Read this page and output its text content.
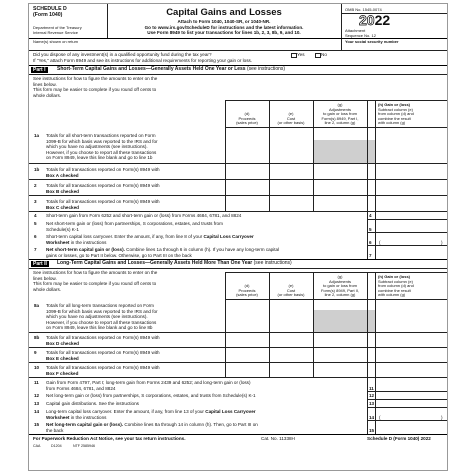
SCHEDULE D
(Form 1040)
Department of the Treasury
Internal Revenue Service
Capital Gains and Losses
Attach to Form 1040, 1040-SR, or 1040-NR.
Go to www.irs.gov/ScheduleD for instructions and the latest information.
Use Form 8949 to list your transactions for lines 1b, 2, 3, 8b, 9, and 10.
OMB No. 1545-0074
2022
Attachment
Sequence No. 12
Name(s) shown on return	Your social security number
Did you dispose of any investment(s) in a qualified opportunity fund during the tax year?	Yes	No
If "Yes," attach Form 8949 and see its instructions for additional requirements for reporting your gain or loss.
Part I	Short-Term Capital Gains and Losses—Generally Assets Held One Year or Less (see instructions)
See instructions for how to figure the amounts to enter on the
lines below.
This form may be easier to complete if you round off cents to
whole dollars.
(d)
Proceeds
(sales price)
(e)
Cost
(or other basis)
(g)
Adjustments
to gain or loss from
Form(s) 8949, Part I,
line 2, column (g)
(h) Gain or (loss)
Subtract column (e)
from column (d) and
combine the result
with column (g)
1a Totals for all short-term transactions reported on Form
1099-B for which basis was reported to the IRS and for
which you have no adjustments (see instructions).
However, if you choose to report all these transactions
on Form 8949, leave this line blank and go to line 1b
1b Totals for all transactions reported on Form(s) 8949 with
Box A checked
2 Totals for all transactions reported on Form(s) 8949 with
Box B checked
3 Totals for all transactions reported on Form(s) 8949 with
Box C checked
4 Short-term gain from Form 6252 and short-term gain or (loss) from Forms 4684, 6781, and 8824	4
5 Net short-term gain or (loss) from partnerships, S corporations, estates, and trusts from
Schedule(s) K-1	5
6 Short-term capital loss carryover. Enter the amount, if any, from line 8 of your Capital Loss Carryover
Worksheet in the instructions	6 (	)
7 Net short-term capital gain or (loss). Combine lines 1a through 6 in column (h). If you have any long-term capital
gains or losses, go to Part II below. Otherwise, go to Part III on the back	7
Part II	Long-Term Capital Gains and Losses—Generally Assets Held More Than One Year (see instructions)
See instructions for how to figure the amounts to enter on the
lines below.
This form may be easier to complete if you round off cents to
whole dollars.
(d)
Proceeds
(sales price)
(e)
Cost
(or other basis)
(g)
Adjustments
to gain or loss from
Form(s) 8949, Part II,
line 2, column (g)
(h) Gain or (loss)
Subtract column (e)
from column (d) and
combine the result
with column (g)
8a Totals for all long-term transactions reported on Form
1099-B for which basis was reported to the IRS and for
which you have no adjustments (see instructions).
However, if you choose to report all these transactions
on Form 8949, leave this line blank and go to line 8b
8b Totals for all transactions reported on Form(s) 8949 with
Box D checked
9 Totals for all transactions reported on Form(s) 8949 with
Box E checked
10 Totals for all transactions reported on Form(s) 8949 with
Box F checked
11 Gain from Form 4797, Part I; long-term gain from Forms 2439 and 6252; and long-term gain or (loss)
from Forms 4684, 6781, and 8824	11
12 Net long-term gain or (loss) from partnerships, S corporations, estates, and trusts from Schedule(s) K-1	12
13 Capital gain distributions. See the instructions	13
14 Long-term capital loss carryover. Enter the amount, if any, from line 13 of your Capital Loss Carryover
Worksheet in the instructions	14 (	)
15 Net long-term capital gain or (loss). Combine lines 8a through 14 in column (h). Then, go to Part III on
the back	15
For Paperwork Reduction Act Notice, see your tax return instructions.	Cat. No. 11338H	Schedule D (Form 1040) 2022
CAA	D1204	NTF 2585946
